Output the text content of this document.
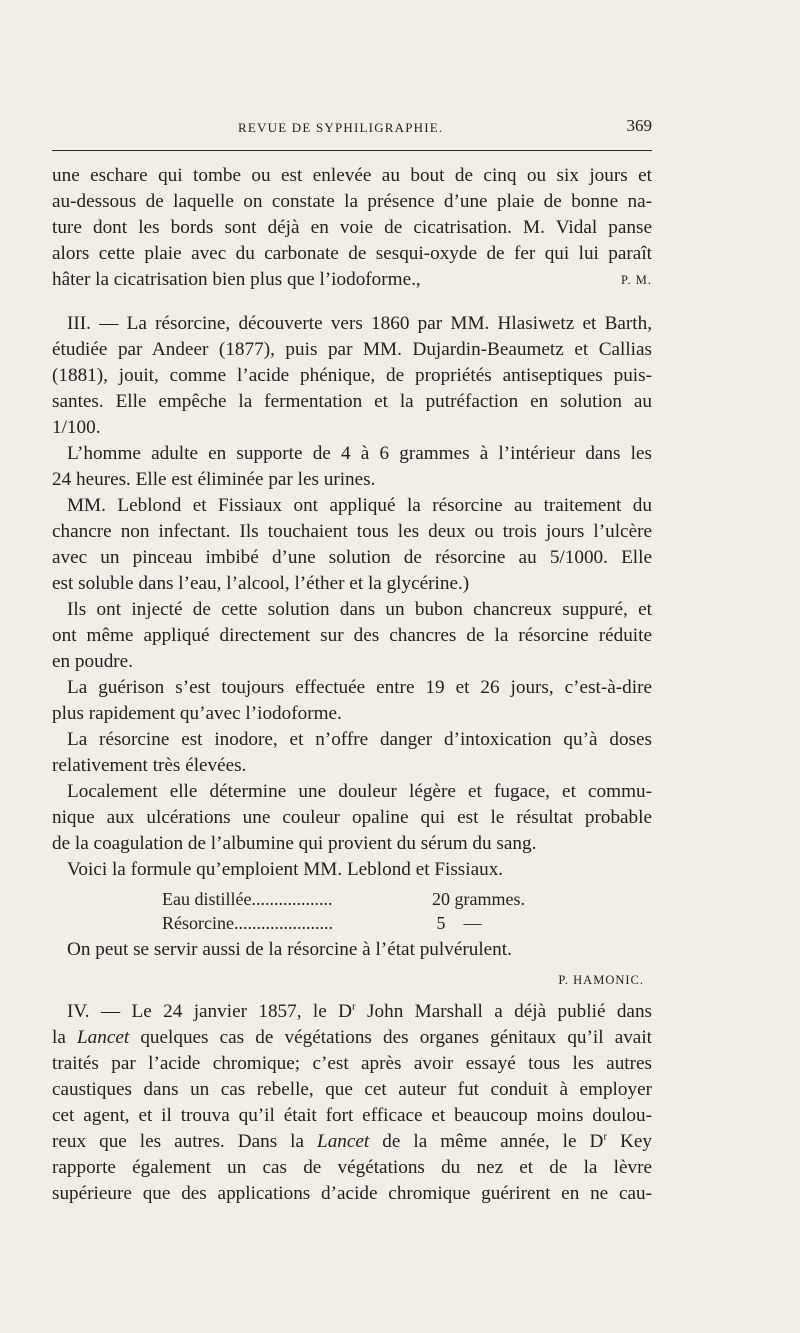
REVUE DE SYPHILIGRAPHIE.	369

une eschare qui tombe ou est enlevée au bout de cinq ou six jours et

au-dessous de laquelle on constate la présence d’une plaie de bonne na-

ture dont les bords sont déjà en voie de cicatrisation. M. Vidal panse

alors cette plaie avec du carbonate de sesqui-oxyde de fer qui lui paraît

hâter la cicatrisation bien plus que l’iodoforme.,	P. M.

III. — La résorcine, découverte vers 1860 par MM. Hlasiwetz et Barth,

étudiée par Andeer (1877), puis par MM. Dujardin-Beaumetz et Callias

(1881), jouit, comme l’acide phénique, de propriétés antiseptiques puis-

santes. Elle empêche la fermentation et la putréfaction en solution au

1/100.

L’homme adulte en supporte de 4 à 6 grammes à l’intérieur dans les

24 heures. Elle est éliminée par les urines.

MM. Leblond et Fissiaux ont appliqué la résorcine au traitement du

chancre non infectant. Ils touchaient tous les deux ou trois jours l’ulcère

avec un pinceau imbibé d’une solution de résorcine au 5/1000. Elle

est soluble dans l’eau, l’alcool, l’éther et la glycérine.)

Ils ont injecté de cette solution dans un bubon chancreux suppuré, et

ont même appliqué directement sur des chancres de la résorcine réduite

en poudre.

La guérison s’est toujours effectuée entre 19 et 26 jours, c’est-à-dire

plus rapidement qu’avec l’iodoforme.

La résorcine est inodore, et n’offre danger d’intoxication qu’à doses

relativement très élevées.

Localement elle détermine une douleur légère et fugace, et commu-

nique aux ulcérations une couleur opaline qui est le résultat probable

de la coagulation de l’albumine qui provient du sérum du sang.

Voici la formule qu’emploient MM. Leblond et Fissiaux.

Eau distillée..................	20 grammes.
Résorcine......................	5    —

On peut se servir aussi de la résorcine à l’état pulvérulent.

P. HAMONIC.

IV. — Le 24 janvier 1857, le $D^r$ John Marshall a déjà publié dans

la Lancet quelques cas de végétations des organes génitaux qu’il avait

traités par l’acide chromique; c’est après avoir essayé tous les autres

caustiques dans un cas rebelle, que cet auteur fut conduit à employer

cet agent, et il trouva qu’il était fort efficace et beaucoup moins doulou-

reux que les autres. Dans la Lancet de la même année, le $D^r$ Key

rapporte également un cas de végétations du nez et de la lèvre

supérieure que des applications d’acide chromique guérirent en ne cau-
